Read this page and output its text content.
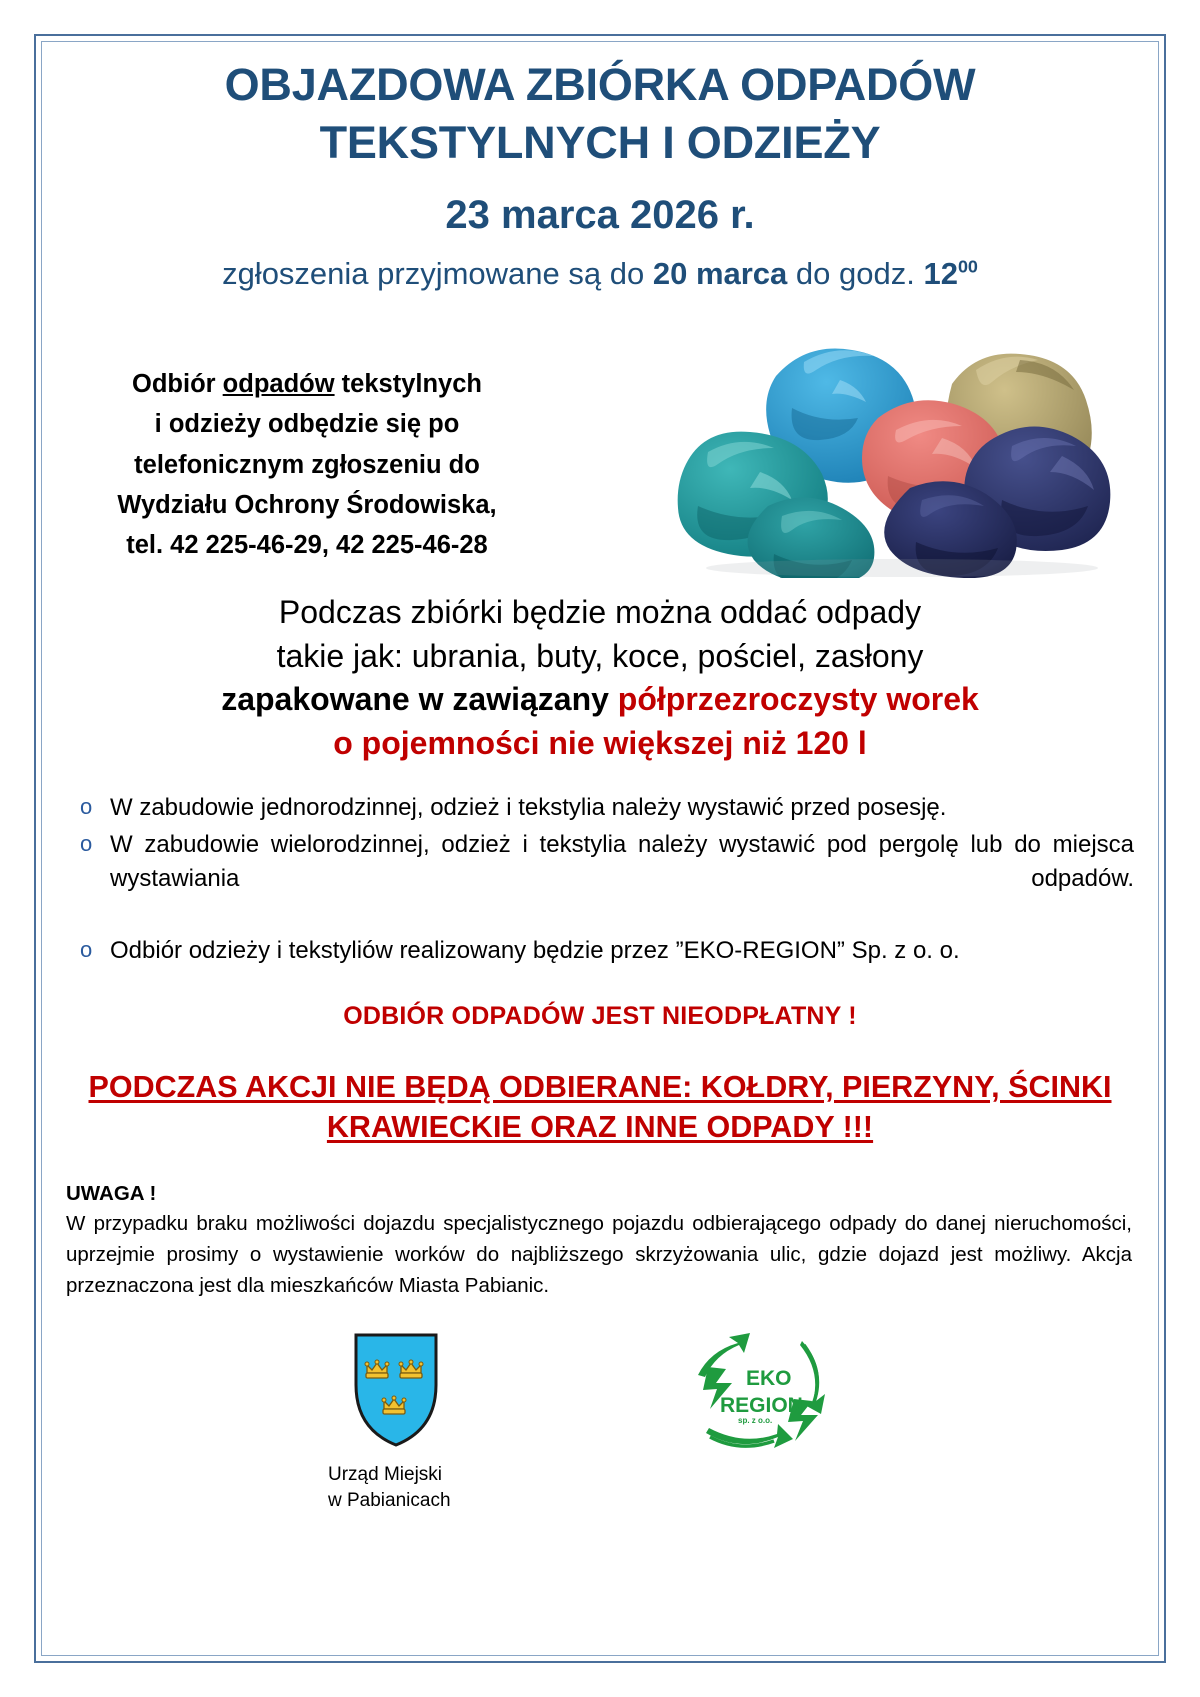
OBJAZDOWA ZBIÓRKA ODPADÓW
TEKSTYLNYCH I ODZIEŻY
23 marca 2026 r.
zgłoszenia przyjmowane są do 20 marca do godz. $12^{00}$
Odbiór odpadów tekstylnych
i odzieży odbędzie się po
telefonicznym zgłoszeniu do
Wydziału Ochrony Środowiska,
tel. 42 225-46-29, 42 225-46-28
Podczas zbiórki będzie można oddać odpady
takie jak: ubrania, buty, koce, pościel, zasłony
zapakowane w zawiązany półprzezroczysty worek
o pojemności nie większej niż 120 l
o W zabudowie jednorodzinnej, odzież i tekstylia należy wystawić przed posesję.
o W zabudowie wielorodzinnej, odzież i tekstylia należy wystawić pod pergolę lub do miejsca wystawiania odpadów.
o Odbiór odzieży i tekstyliów realizowany będzie przez ”EKO-REGION” Sp. z o. o.
ODBIÓR ODPADÓW JEST NIEODPŁATNY !
PODCZAS AKCJI NIE BĘDĄ ODBIERANE: KOŁDRY, PIERZYNY, ŚCINKI
KRAWIECKIE ORAZ INNE ODPADY !!!
UWAGA !
W przypadku braku możliwości dojazdu specjalistycznego pojazdu odbierającego odpady do danej nieruchomości, uprzejmie prosimy o wystawienie worków do najbliższego skrzyżowania ulic, gdzie dojazd jest możliwy. Akcja przeznaczona jest dla mieszkańców Miasta Pabianic.
Urząd Miejski
w Pabianicach
EKO
REGION
sp. z o.o.
